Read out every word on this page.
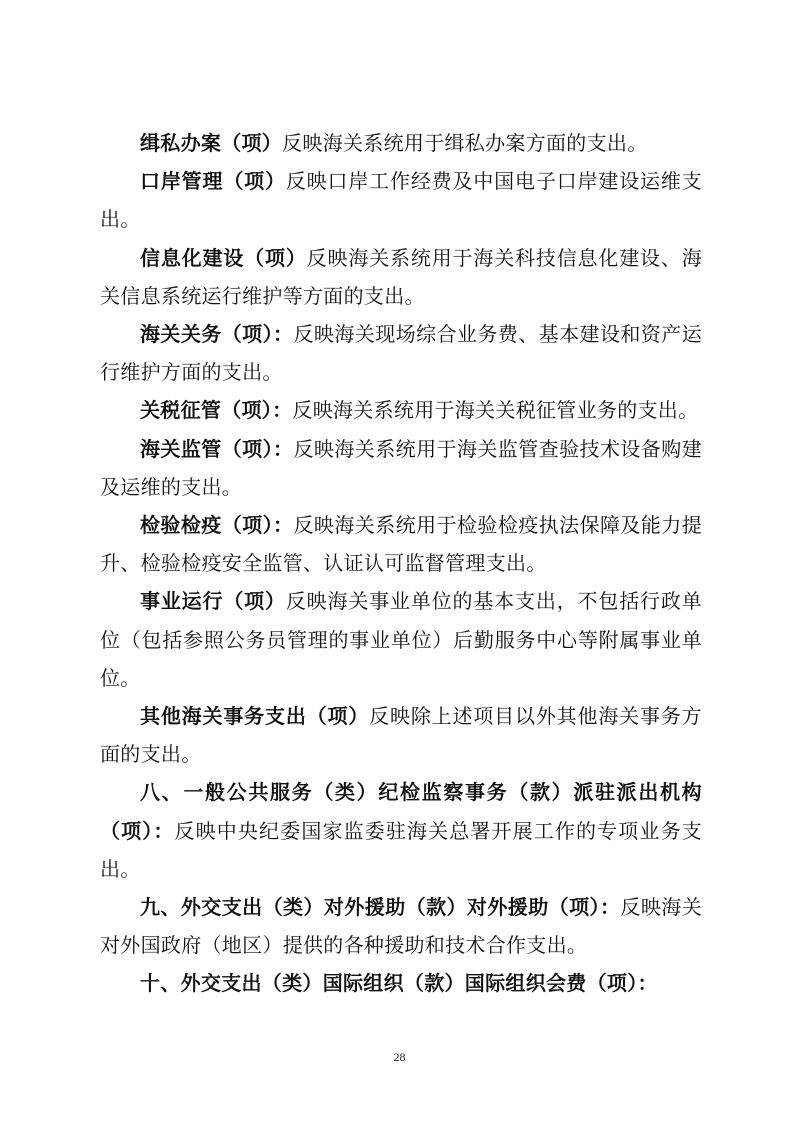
缉私办案（项）反映海关系统用于缉私办案方面的支出。

口岸管理（项）反映口岸工作经费及中国电子口岸建设运维支出。

信息化建设（项）反映海关系统用于海关科技信息化建设、海关信息系统运行维护等方面的支出。

海关关务（项）：反映海关现场综合业务费、基本建设和资产运行维护方面的支出。

关税征管（项）：反映海关系统用于海关关税征管业务的支出。

海关监管（项）：反映海关系统用于海关监管查验技术设备购建及运维的支出。

检验检疫（项）：反映海关系统用于检验检疫执法保障及能力提升、检验检疫安全监管、认证认可监督管理支出。

事业运行（项）反映海关事业单位的基本支出，不包括行政单位（包括参照公务员管理的事业单位）后勤服务中心等附属事业单位。

其他海关事务支出（项）反映除上述项目以外其他海关事务方面的支出。

八、一般公共服务（类）纪检监察事务（款）派驻派出机构（项）：反映中央纪委国家监委驻海关总署开展工作的专项业务支出。

九、外交支出（类）对外援助（款）对外援助（项）：反映海关对外国政府（地区）提供的各种援助和技术合作支出。

十、外交支出（类）国际组织（款）国际组织会费（项）：

28
